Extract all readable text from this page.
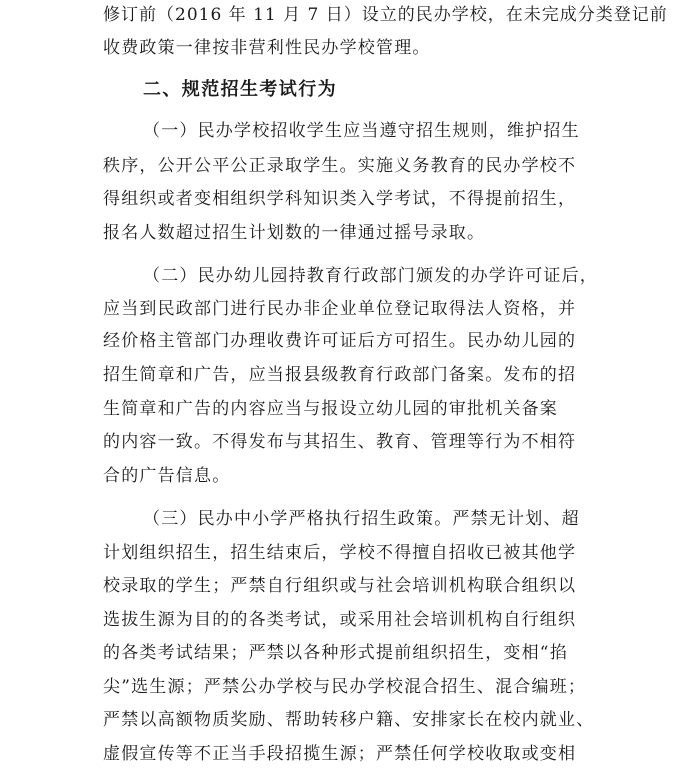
修订前（2016 年 11 月 7 日）设立的民办学校，在未完成分类登记前
收费政策一律按非营利性民办学校管理。
二、规范招生考试行为
（一）民办学校招收学生应当遵守招生规则，维护招生
秩序，公开公平公正录取学生。实施义务教育的民办学校不
得组织或者变相组织学科知识类入学考试，不得提前招生，
报名人数超过招生计划数的一律通过摇号录取。
（二）民办幼儿园持教育行政部门颁发的办学许可证后，
应当到民政部门进行民办非企业单位登记取得法人资格，并
经价格主管部门办理收费许可证后方可招生。民办幼儿园的
招生简章和广告，应当报县级教育行政部门备案。发布的招
生简章和广告的内容应当与报设立幼儿园的审批机关备案
的内容一致。不得发布与其招生、教育、管理等行为不相符
合的广告信息。
（三）民办中小学严格执行招生政策。严禁无计划、超
计划组织招生，招生结束后，学校不得擅自招收已被其他学
校录取的学生；严禁自行组织或与社会培训机构联合组织以
选拔生源为目的的各类考试，或采用社会培训机构自行组织
的各类考试结果；严禁以各种形式提前组织招生，变相“掐
尖”选生源；严禁公办学校与民办学校混合招生、混合编班；
严禁以高额物质奖励、帮助转移户籍、安排家长在校内就业、
虚假宣传等不正当手段招揽生源；严禁任何学校收取或变相
